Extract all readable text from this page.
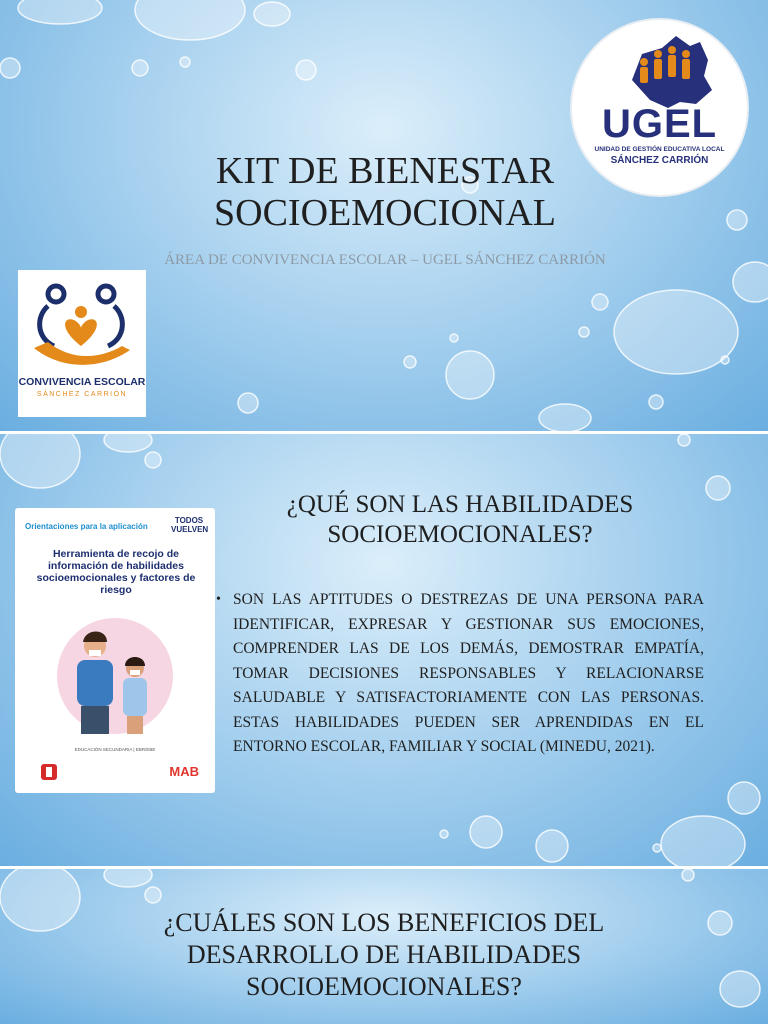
KIT DE BIENESTAR SOCIOEMOCIONAL

ÁREA DE CONVIVENCIA ESCOLAR – UGEL SÁNCHEZ CARRIÓN

CONVIVENCIA ESCOLAR
SÁNCHEZ CARRIÓN
UGEL
UNIDAD DE GESTIÓN EDUCATIVA LOCAL
SÁNCHEZ CARRIÓN
¿QUÉ SON LAS HABILIDADES SOCIOEMOCIONALES?
Orientaciones para la aplicación
TODOS VUELVEN
Herramienta de recojo de información de habilidades socioemocionales y factores de riesgo
EDUCACIÓN SECUNDARIA | EBR/EBE
MAB
• SON LAS APTITUDES O DESTREZAS DE UNA PERSONA PARA IDENTIFICAR, EXPRESAR Y GESTIONAR SUS EMOCIONES, COMPRENDER LAS DE LOS DEMÁS, DEMOSTRAR EMPATÍA, TOMAR DECISIONES RESPONSABLES Y RELACIONARSE SALUDABLE Y SATISFACTORIAMENTE CON LAS PERSONAS. ESTAS HABILIDADES PUEDEN SER APRENDIDAS EN EL ENTORNO ESCOLAR, FAMILIAR Y SOCIAL (MINEDU, 2021).
¿CUÁLES SON LOS BENEFICIOS DEL DESARROLLO DE HABILIDADES SOCIOEMOCIONALES?
